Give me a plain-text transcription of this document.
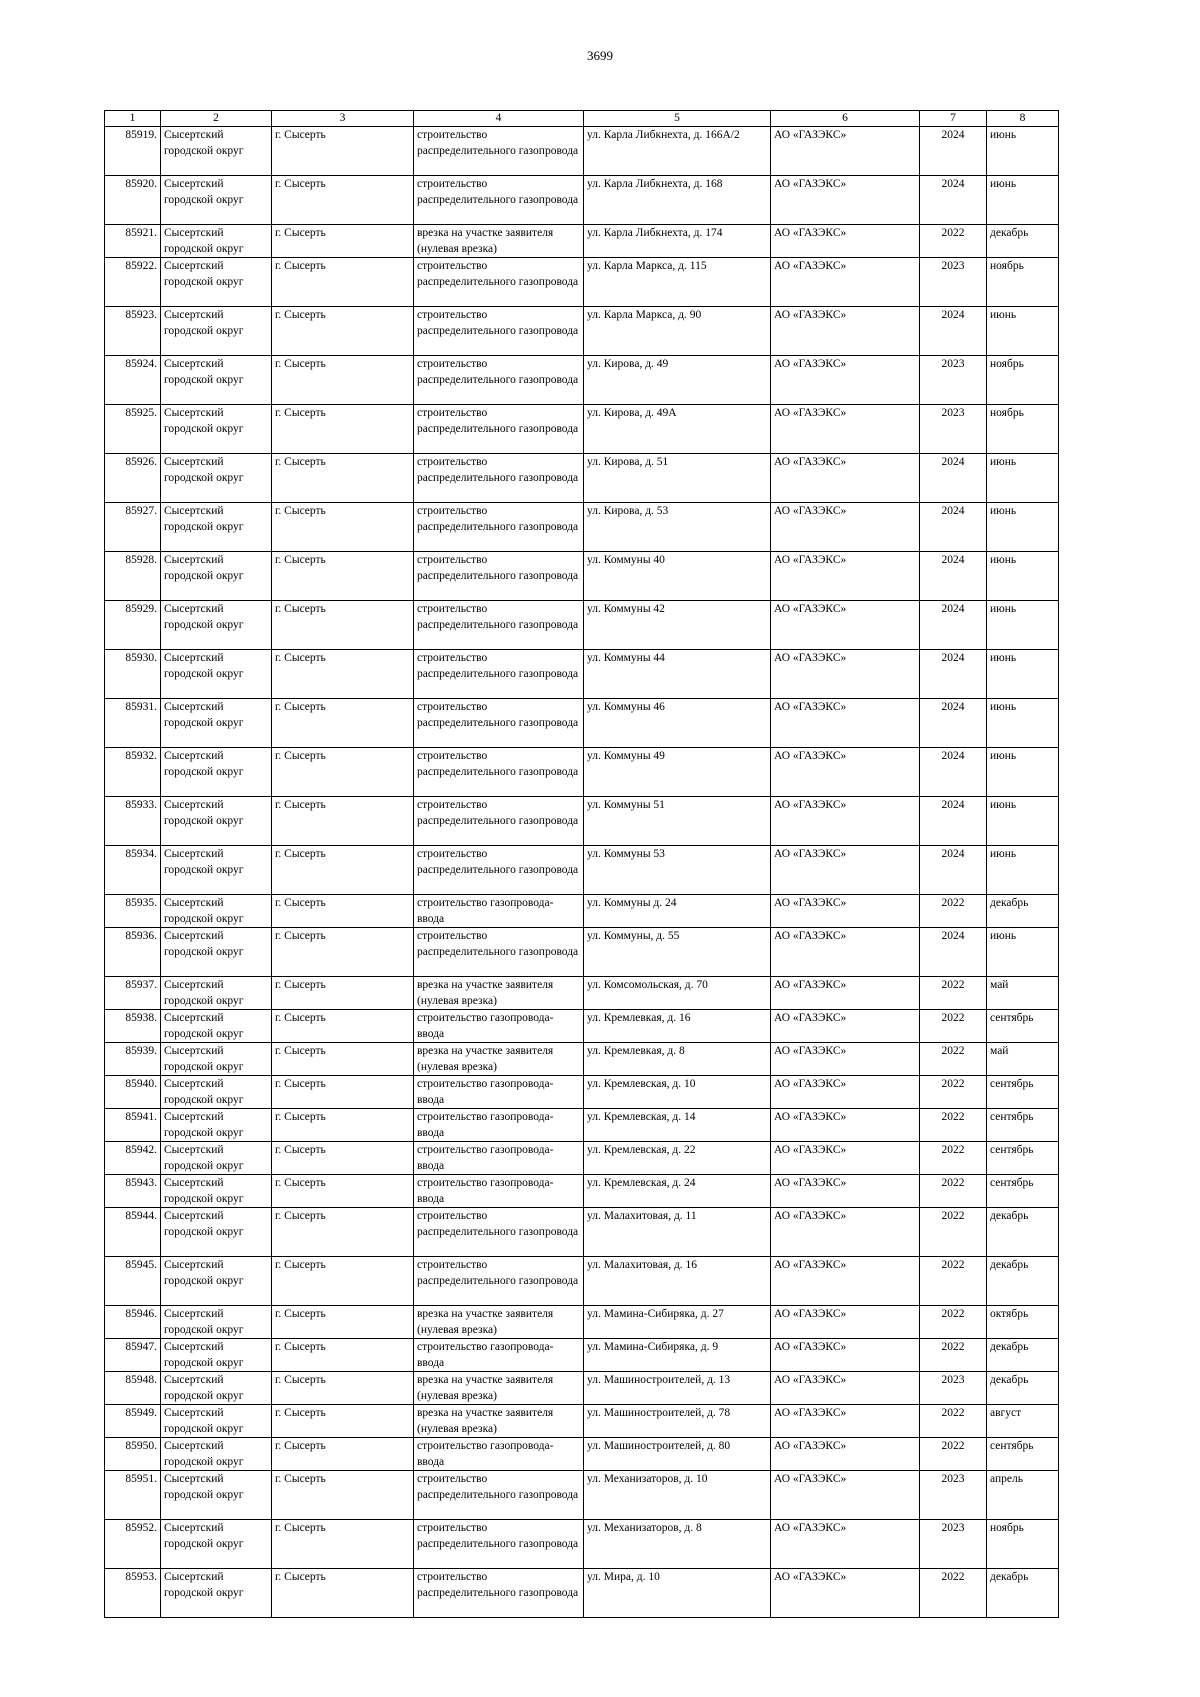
3699
1	2	3	4	5	6	7	8
85919.	Сысертский городской округ	г. Сысерть	строительство распределительного газопровода	ул. Карла Либкнехта, д. 166А/2	АО «ГАЗЭКС»	2024	июнь
85920.	Сысертский городской округ	г. Сысерть	строительство распределительного газопровода	ул. Карла Либкнехта, д. 168	АО «ГАЗЭКС»	2024	июнь
85921.	Сысертский городской округ	г. Сысерть	врезка на участке заявителя (нулевая врезка)	ул. Карла Либкнехта, д. 174	АО «ГАЗЭКС»	2022	декабрь
85922.	Сысертский городской округ	г. Сысерть	строительство распределительного газопровода	ул. Карла Маркса, д. 115	АО «ГАЗЭКС»	2023	ноябрь
85923.	Сысертский городской округ	г. Сысерть	строительство распределительного газопровода	ул. Карла Маркса, д. 90	АО «ГАЗЭКС»	2024	июнь
85924.	Сысертский городской округ	г. Сысерть	строительство распределительного газопровода	ул. Кирова, д. 49	АО «ГАЗЭКС»	2023	ноябрь
85925.	Сысертский городской округ	г. Сысерть	строительство распределительного газопровода	ул. Кирова, д. 49А	АО «ГАЗЭКС»	2023	ноябрь
85926.	Сысертский городской округ	г. Сысерть	строительство распределительного газопровода	ул. Кирова, д. 51	АО «ГАЗЭКС»	2024	июнь
85927.	Сысертский городской округ	г. Сысерть	строительство распределительного газопровода	ул. Кирова, д. 53	АО «ГАЗЭКС»	2024	июнь
85928.	Сысертский городской округ	г. Сысерть	строительство распределительного газопровода	ул. Коммуны 40	АО «ГАЗЭКС»	2024	июнь
85929.	Сысертский городской округ	г. Сысерть	строительство распределительного газопровода	ул. Коммуны 42	АО «ГАЗЭКС»	2024	июнь
85930.	Сысертский городской округ	г. Сысерть	строительство распределительного газопровода	ул. Коммуны 44	АО «ГАЗЭКС»	2024	июнь
85931.	Сысертский городской округ	г. Сысерть	строительство распределительного газопровода	ул. Коммуны 46	АО «ГАЗЭКС»	2024	июнь
85932.	Сысертский городской округ	г. Сысерть	строительство распределительного газопровода	ул. Коммуны 49	АО «ГАЗЭКС»	2024	июнь
85933.	Сысертский городской округ	г. Сысерть	строительство распределительного газопровода	ул. Коммуны 51	АО «ГАЗЭКС»	2024	июнь
85934.	Сысертский городской округ	г. Сысерть	строительство распределительного газопровода	ул. Коммуны 53	АО «ГАЗЭКС»	2024	июнь
85935.	Сысертский городской округ	г. Сысерть	строительство газопровода-ввода	ул. Коммуны д. 24	АО «ГАЗЭКС»	2022	декабрь
85936.	Сысертский городской округ	г. Сысерть	строительство распределительного газопровода	ул. Коммуны, д. 55	АО «ГАЗЭКС»	2024	июнь
85937.	Сысертский городской округ	г. Сысерть	врезка на участке заявителя (нулевая врезка)	ул. Комсомольская, д. 70	АО «ГАЗЭКС»	2022	май
85938.	Сысертский городской округ	г. Сысерть	строительство газопровода-ввода	ул. Кремлевкая, д. 16	АО «ГАЗЭКС»	2022	сентябрь
85939.	Сысертский городской округ	г. Сысерть	врезка на участке заявителя (нулевая врезка)	ул. Кремлевкая, д. 8	АО «ГАЗЭКС»	2022	май
85940.	Сысертский городской округ	г. Сысерть	строительство газопровода-ввода	ул. Кремлевская, д. 10	АО «ГАЗЭКС»	2022	сентябрь
85941.	Сысертский городской округ	г. Сысерть	строительство газопровода-ввода	ул. Кремлевская, д. 14	АО «ГАЗЭКС»	2022	сентябрь
85942.	Сысертский городской округ	г. Сысерть	строительство газопровода-ввода	ул. Кремлевская, д. 22	АО «ГАЗЭКС»	2022	сентябрь
85943.	Сысертский городской округ	г. Сысерть	строительство газопровода-ввода	ул. Кремлевская, д. 24	АО «ГАЗЭКС»	2022	сентябрь
85944.	Сысертский городской округ	г. Сысерть	строительство распределительного газопровода	ул. Малахитовая, д. 11	АО «ГАЗЭКС»	2022	декабрь
85945.	Сысертский городской округ	г. Сысерть	строительство распределительного газопровода	ул. Малахитовая, д. 16	АО «ГАЗЭКС»	2022	декабрь
85946.	Сысертский городской округ	г. Сысерть	врезка на участке заявителя (нулевая врезка)	ул. Мамина-Сибиряка, д. 27	АО «ГАЗЭКС»	2022	октябрь
85947.	Сысертский городской округ	г. Сысерть	строительство газопровода-ввода	ул. Мамина-Сибиряка, д. 9	АО «ГАЗЭКС»	2022	декабрь
85948.	Сысертский городской округ	г. Сысерть	врезка на участке заявителя (нулевая врезка)	ул. Машиностроителей, д. 13	АО «ГАЗЭКС»	2023	декабрь
85949.	Сысертский городской округ	г. Сысерть	врезка на участке заявителя (нулевая врезка)	ул. Машиностроителей, д. 78	АО «ГАЗЭКС»	2022	август
85950.	Сысертский городской округ	г. Сысерть	строительство газопровода-ввода	ул. Машиностроителей, д. 80	АО «ГАЗЭКС»	2022	сентябрь
85951.	Сысертский городской округ	г. Сысерть	строительство распределительного газопровода	ул. Механизаторов, д. 10	АО «ГАЗЭКС»	2023	апрель
85952.	Сысертский городской округ	г. Сысерть	строительство распределительного газопровода	ул. Механизаторов, д. 8	АО «ГАЗЭКС»	2023	ноябрь
85953.	Сысертский городской округ	г. Сысерть	строительство распределительного газопровода	ул. Мира, д. 10	АО «ГАЗЭКС»	2022	декабрь
